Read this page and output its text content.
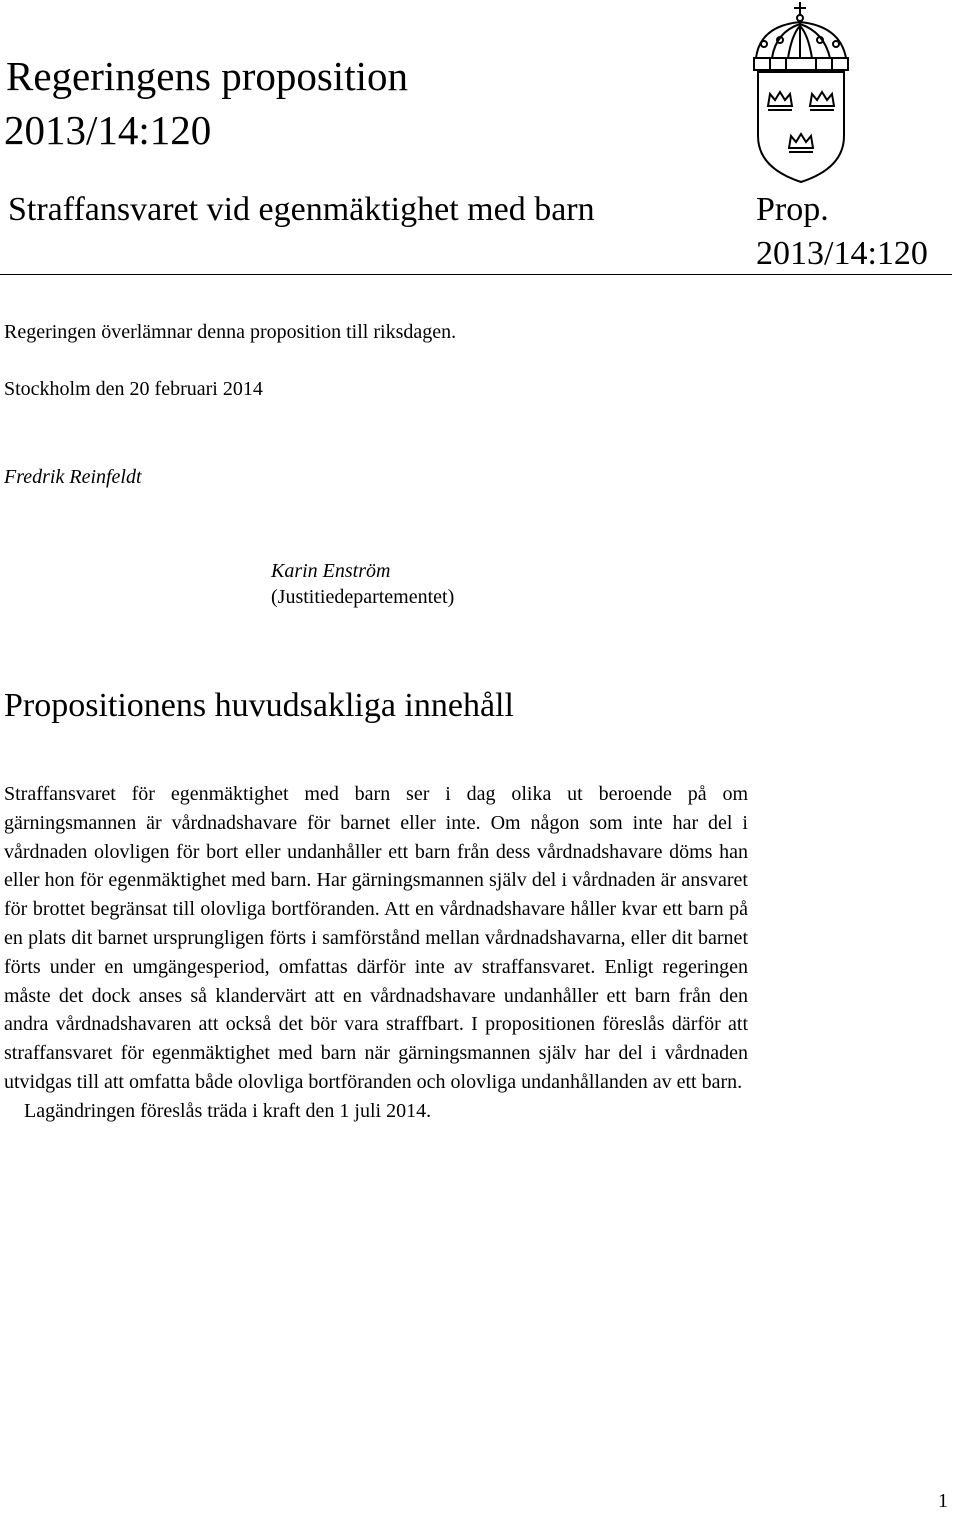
Regeringens proposition
2013/14:120
Straffansvaret vid egenmäktighet med barn	Prop.
2013/14:120
Regeringen överlämnar denna proposition till riksdagen.
Stockholm den 20 februari 2014
Fredrik Reinfeldt
Karin Enström
(Justitiedepartementet)
Propositionens huvudsakliga innehåll

Straffansvaret för egenmäktighet med barn ser i dag olika ut beroende på om gärningsmannen är vårdnadshavare för barnet eller inte. Om någon som inte har del i vårdnaden olovligen för bort eller undanhåller ett barn från dess vårdnadshavare döms han eller hon för egenmäktighet med barn. Har gärningsmannen själv del i vårdnaden är ansvaret för brottet begränsat till olovliga bortföranden. Att en vårdnadshavare håller kvar ett barn på en plats dit barnet ursprungligen förts i samförstånd mellan vårdnadshavarna, eller dit barnet förts under en umgängesperiod, omfattas därför inte av straffansvaret. Enligt regeringen måste det dock anses så klandervärt att en vårdnadshavare undanhåller ett barn från den andra vårdnadshavaren att också det bör vara straffbart. I propositionen föreslås därför att straffansvaret för egenmäktighet med barn när gärningsmannen själv har del i vårdnaden utvidgas till att omfatta både olovliga bortföranden och olovliga undanhållanden av ett barn.

Lagändringen föreslås träda i kraft den 1 juli 2014.

1
